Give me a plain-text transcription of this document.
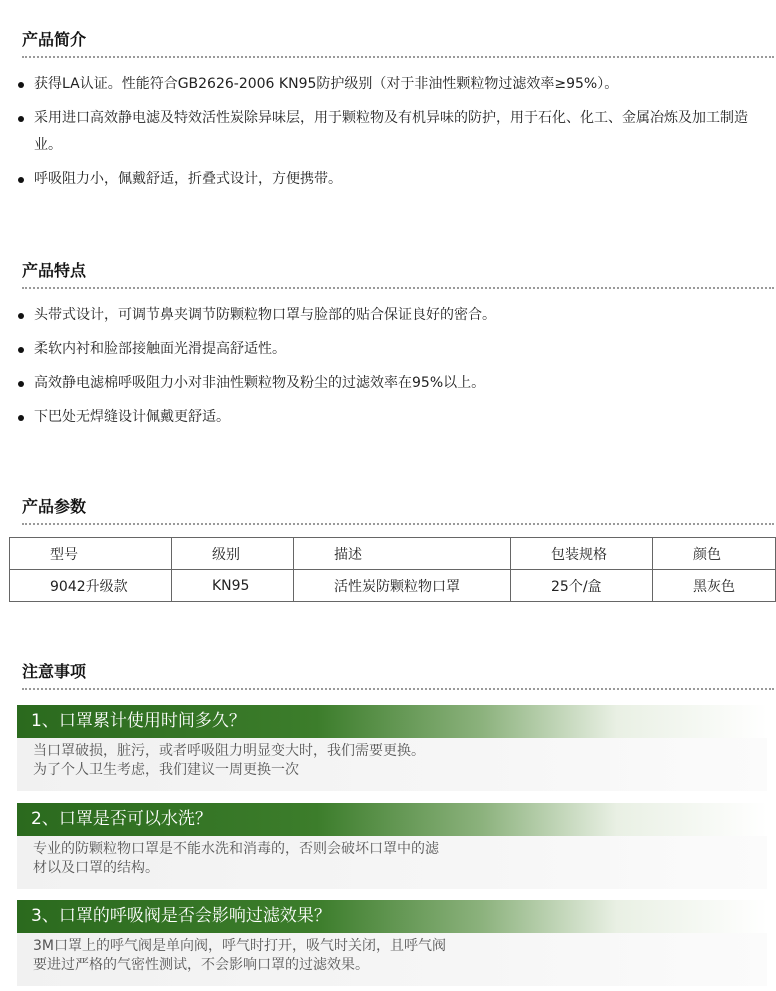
产品简介
获得LA认证。性能符合GB2626-2006 KN95防护级别（对于非油性颗粒物过滤效率≥95%）。
采用进口高效静电滤及特效活性炭除异味层，用于颗粒物及有机异味的防护，用于石化、化工、金属冶炼及加工制造业。
呼吸阻力小，佩戴舒适，折叠式设计，方便携带。
产品特点
头带式设计，可调节鼻夹调节防颗粒物口罩与脸部的贴合保证良好的密合。
柔软内衬和脸部接触面光滑提高舒适性。
高效静电滤棉呼吸阻力小对非油性颗粒物及粉尘的过滤效率在95%以上。
下巴处无焊缝设计佩戴更舒适。
产品参数
型号	级别	描述	包装规格	颜色
9042升级款	KN95	活性炭防颗粒物口罩	25个/盒	黑灰色
注意事项
1、口罩累计使用时间多久？
当口罩破损，脏污，或者呼吸阻力明显变大时，我们需要更换。
为了个人卫生考虑，我们建议一周更换一次
2、口罩是否可以水洗？
专业的防颗粒物口罩是不能水洗和消毒的，否则会破坏口罩中的滤
材以及口罩的结构。
3、口罩的呼吸阀是否会影响过滤效果？
3M口罩上的呼气阀是单向阀，呼气时打开，吸气时关闭，且呼气阀
要进过严格的气密性测试，不会影响口罩的过滤效果。
